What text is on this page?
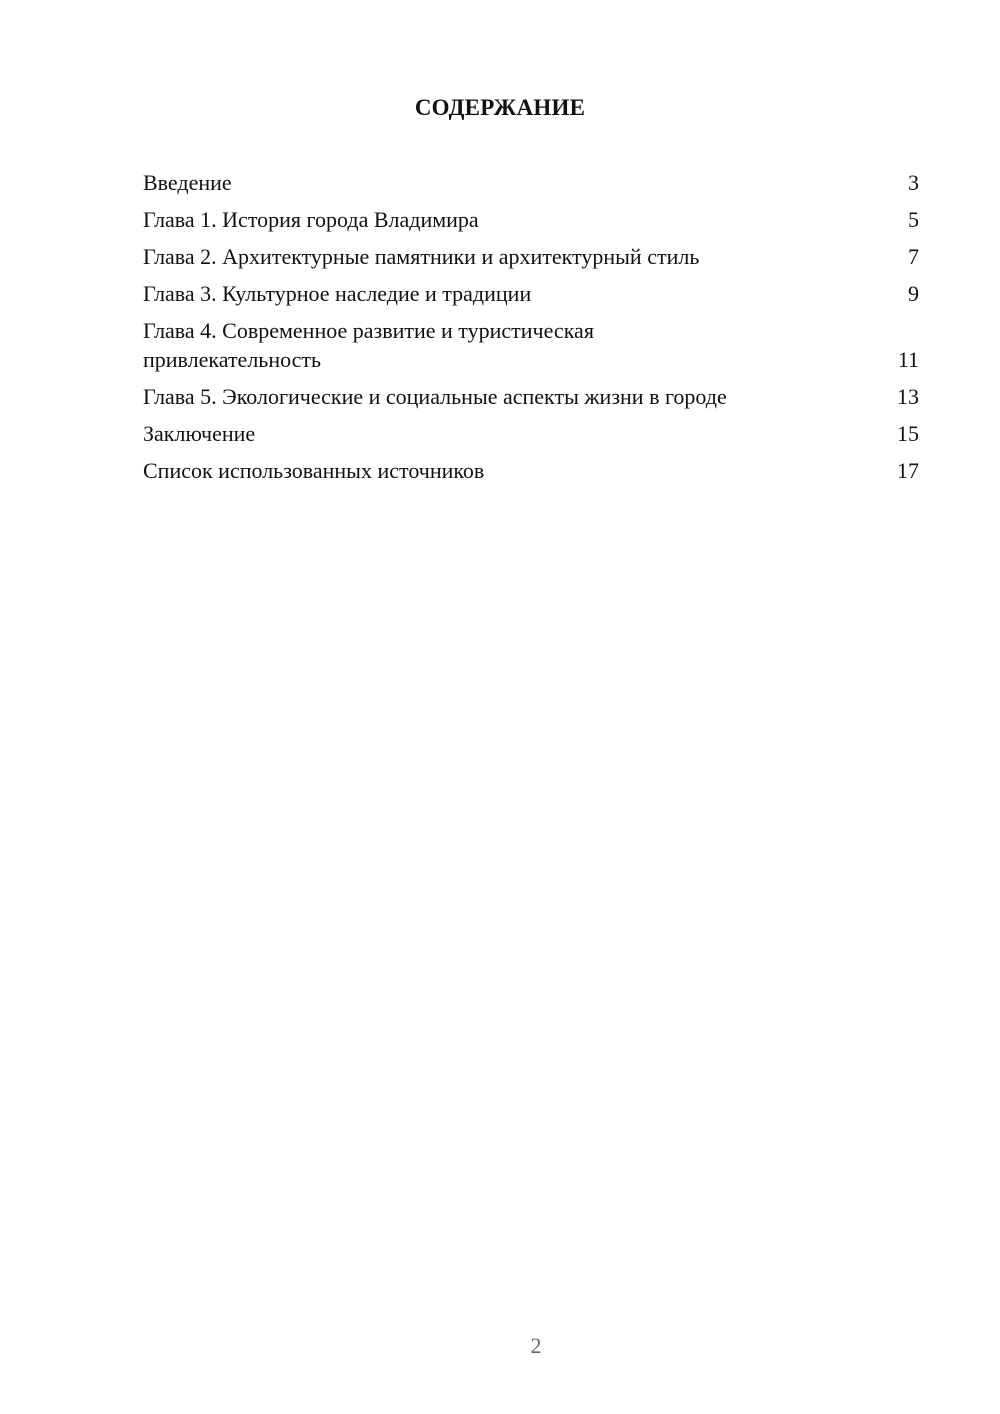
СОДЕРЖАНИЕ
Введение	3
Глава 1. История города Владимира	5
Глава 2. Архитектурные памятники и архитектурный стиль	7
Глава 3. Культурное наследие и традиции	9
Глава 4. Современное развитие и туристическая
привлекательность	11
Глава 5. Экологические и социальные аспекты жизни в городе	13
Заключение	15
Список использованных источников	17
2
